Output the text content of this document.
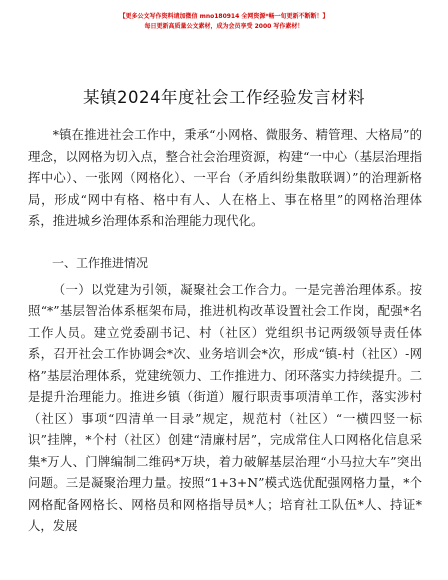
【更多公文写作资料请加微信 mno180914 全网资源*畅一旬更新不断断！】
每日更新高质量公文素材，成为会员享受 2000 写作素材！
某镇2024年度社会工作经验发言材料

*镇在推进社会工作中，秉承“小网格、微服务、精管理、大格局”的理念，以网格为切入点，整合社会治理资源，构建“一中心（基层治理指挥中心）、一张网（网格化）、一平台（矛盾纠纷集散联调）”的治理新格局，形成“网中有格、格中有人、人在格上、事在格里”的网格治理体系，推进城乡治理体系和治理能力现代化。

一、工作推进情况

（一）以党建为引领，凝聚社会工作合力。一是完善治理体系。按照“*”基层智治体系框架布局，推进机构改革设置社会工作岗，配强*名工作人员。建立党委副书记、村（社区）党组织书记两级领导责任体系，召开社会工作协调会*次、业务培训会*次，形成“镇-村（社区）-网格”基层治理体系，党建统领力、工作推进力、闭环落实力持续提升。二是提升治理能力。推进乡镇（街道）履行职责事项清单工作，落实涉村（社区）事项“四清单一目录”规定，规范村（社区）“一横四竖一标识”挂牌，*个村（社区）创建“清廉村居”，完成常住人口网格化信息采集*万人、门牌编制二维码*万块，着力破解基层治理“小马拉大车”突出问题。三是凝聚治理力量。按照“1+3+N”模式选优配强网格力量，*个网格配备网格长、网格员和网格指导员*人；培育社工队伍*人、持证*人，发展
